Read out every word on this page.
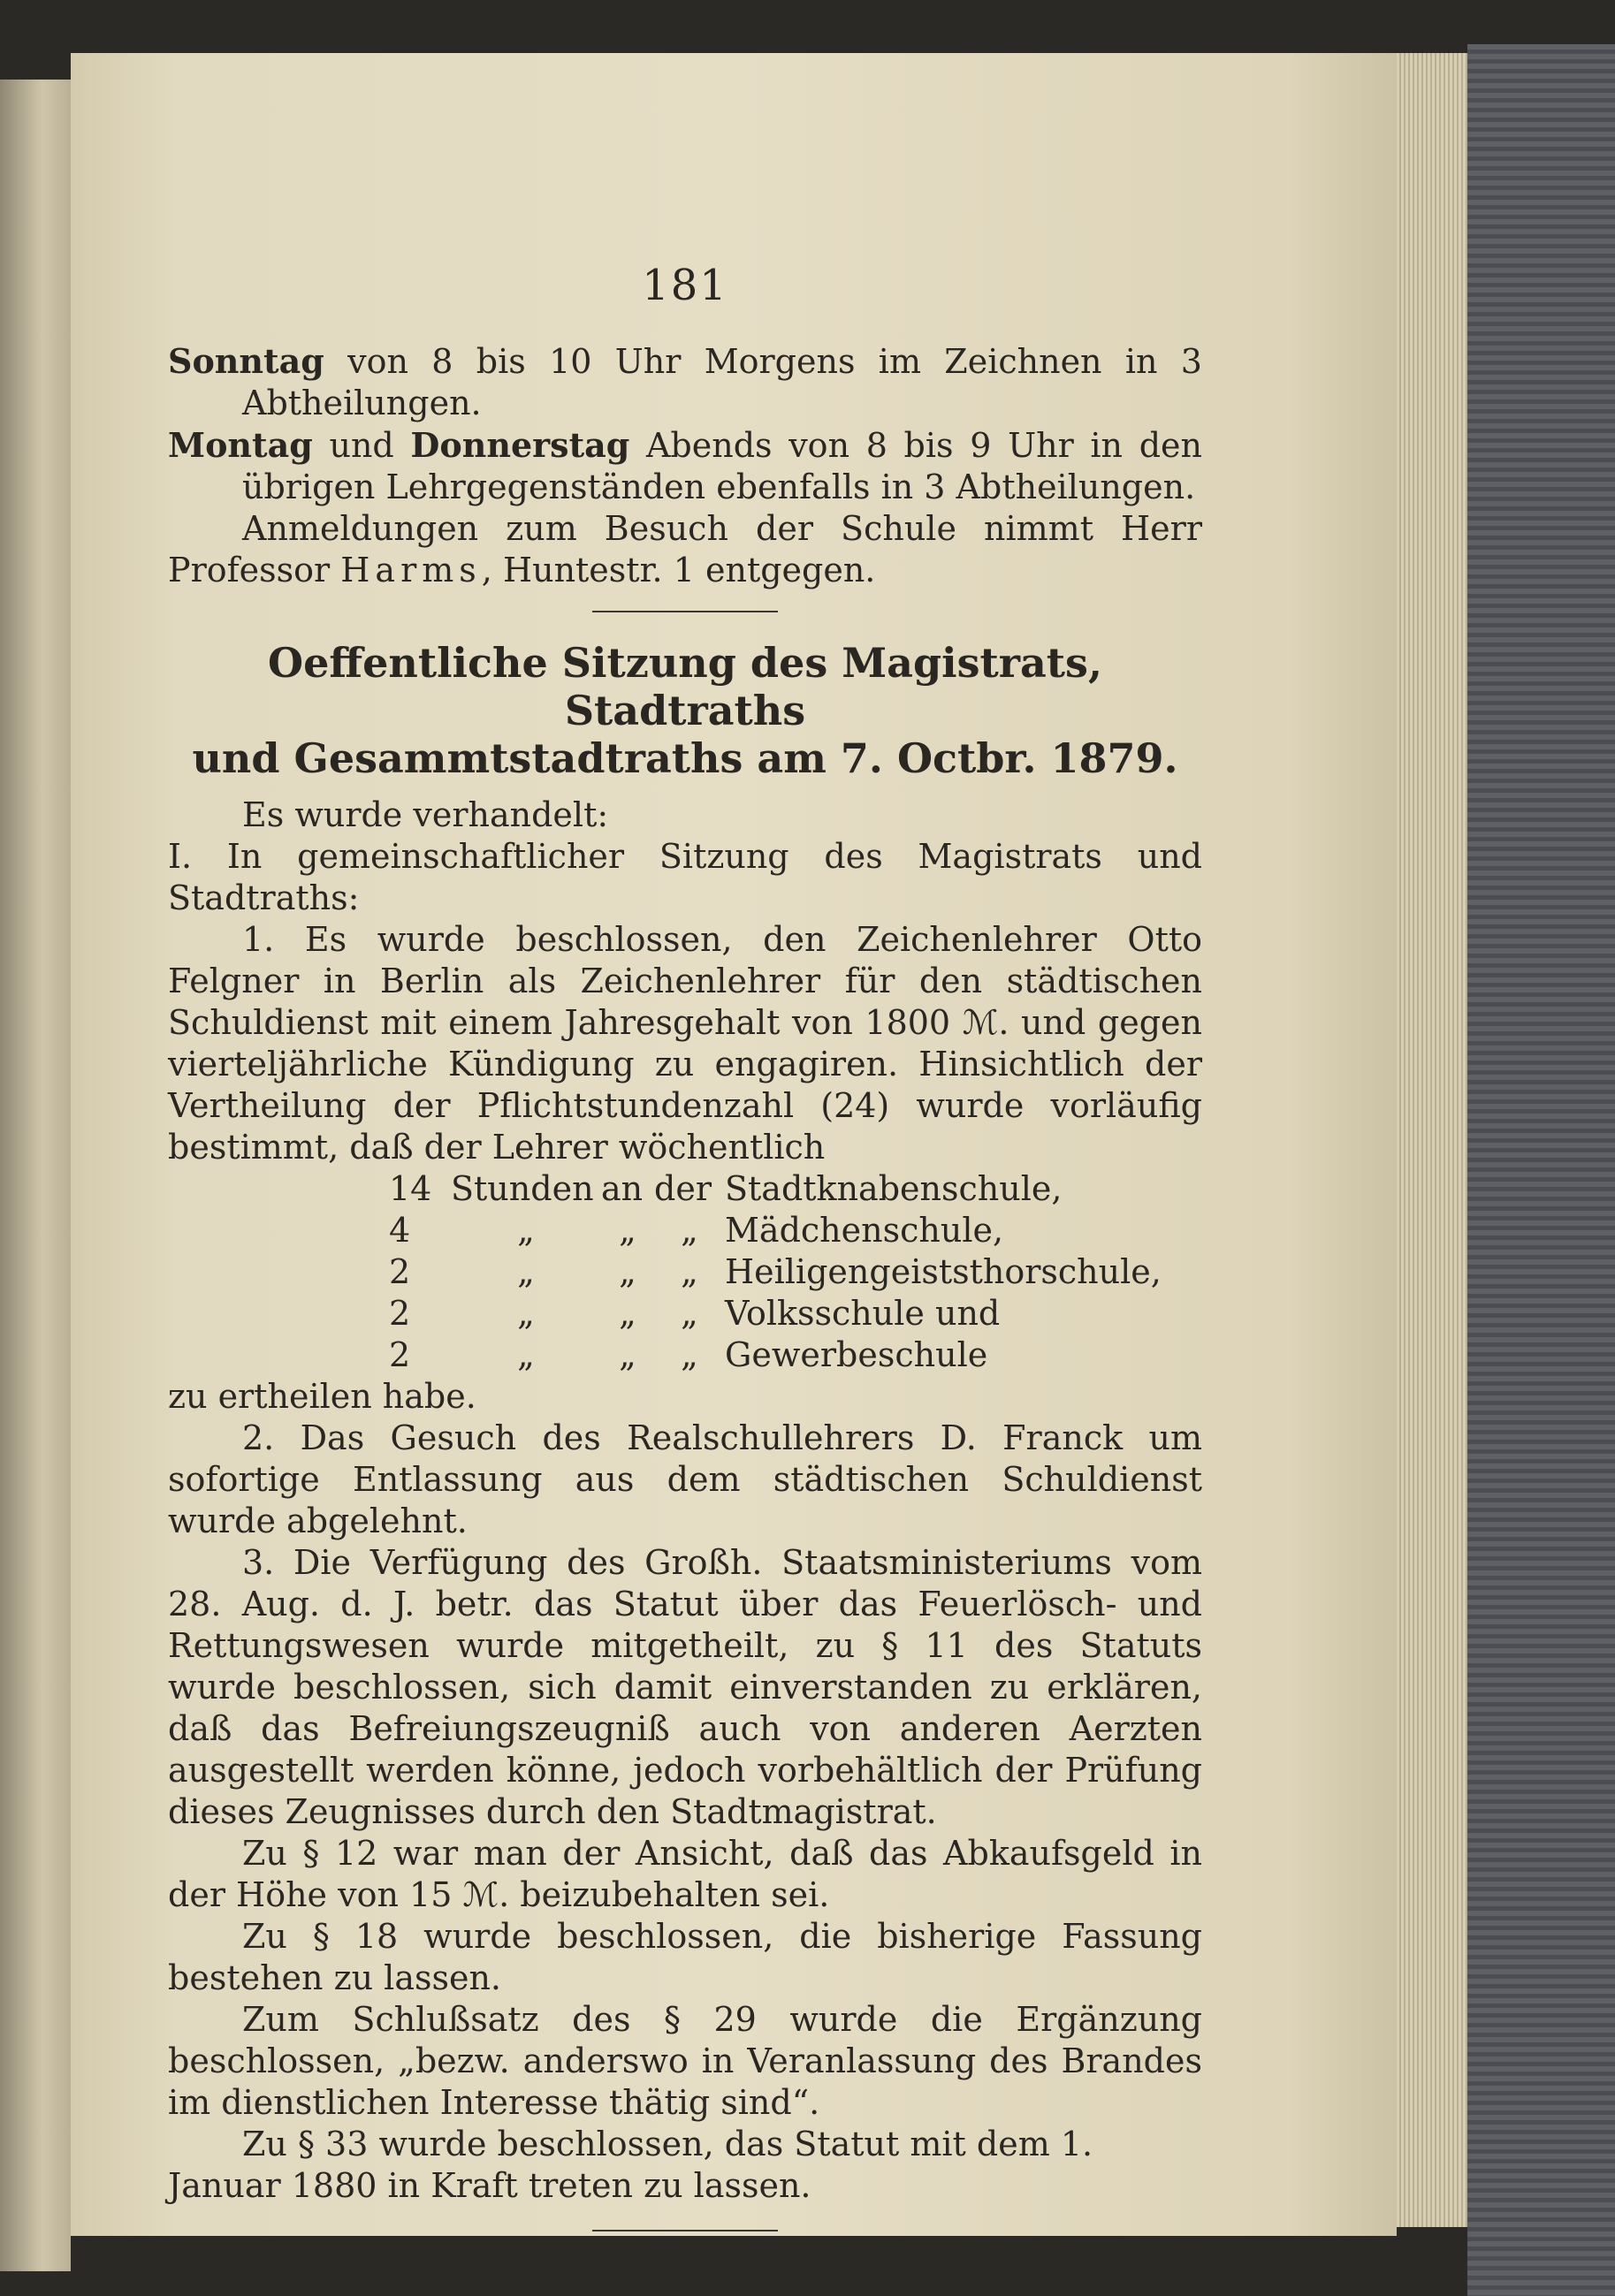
181

Sonntag von 8 bis 10 Uhr Morgens im Zeichnen in 3 Abtheilungen.

Montag und Donnerstag Abends von 8 bis 9 Uhr in den übrigen Lehrgegenständen ebenfalls in 3 Abtheilungen.

Anmeldungen zum Besuch der Schule nimmt Herr Professor Harms, Huntestr. 1 entgegen.

Oeffentliche Sitzung des Magistrats, Stadtraths
und Gesammtstadtraths am 7. Octbr. 1879.

Es wurde verhandelt:

I. In gemeinschaftlicher Sitzung des Magistrats und Stadtraths:

1. Es wurde beschlossen, den Zeichenlehrer Otto Felgner in Berlin als Zeichenlehrer für den städtischen Schuldienst mit einem Jahresgehalt von 1800 ℳ. und gegen vierteljährliche Kündigung zu engagiren. Hinsichtlich der Vertheilung der Pflichtstundenzahl (24) wurde vorläufig bestimmt, daß der Lehrer wöchentlich

14 Stunden an der Stadtknabenschule,
4	„	„	„ Mädchenschule,
2	„	„	„ Heiligengeiststhorschule,
2	„	„	„ Volksschule und
2	„	„	„ Gewerbeschule

zu ertheilen habe.

2. Das Gesuch des Realschullehrers D. Franck um sofortige Entlassung aus dem städtischen Schuldienst wurde abgelehnt.

3. Die Verfügung des Großh. Staatsministeriums vom 28. Aug. d. J. betr. das Statut über das Feuerlösch- und Rettungswesen wurde mitgetheilt, zu § 11 des Statuts wurde beschlossen, sich damit einverstanden zu erklären, daß das Befreiungszeugniß auch von anderen Aerzten ausgestellt werden könne, jedoch vorbehältlich der Prüfung dieses Zeugnisses durch den Stadtmagistrat.

Zu § 12 war man der Ansicht, daß das Abkaufsgeld in der Höhe von 15 ℳ. beizubehalten sei.

Zu § 18 wurde beschlossen, die bisherige Fassung bestehen zu lassen.

Zum Schlußsatz des § 29 wurde die Ergänzung beschlossen, „bezw. anderswo in Veranlassung des Brandes im dienstlichen Interesse thätig sind“.

Zu § 33 wurde beschlossen, das Statut mit dem 1. Januar 1880 in Kraft treten zu lassen.
